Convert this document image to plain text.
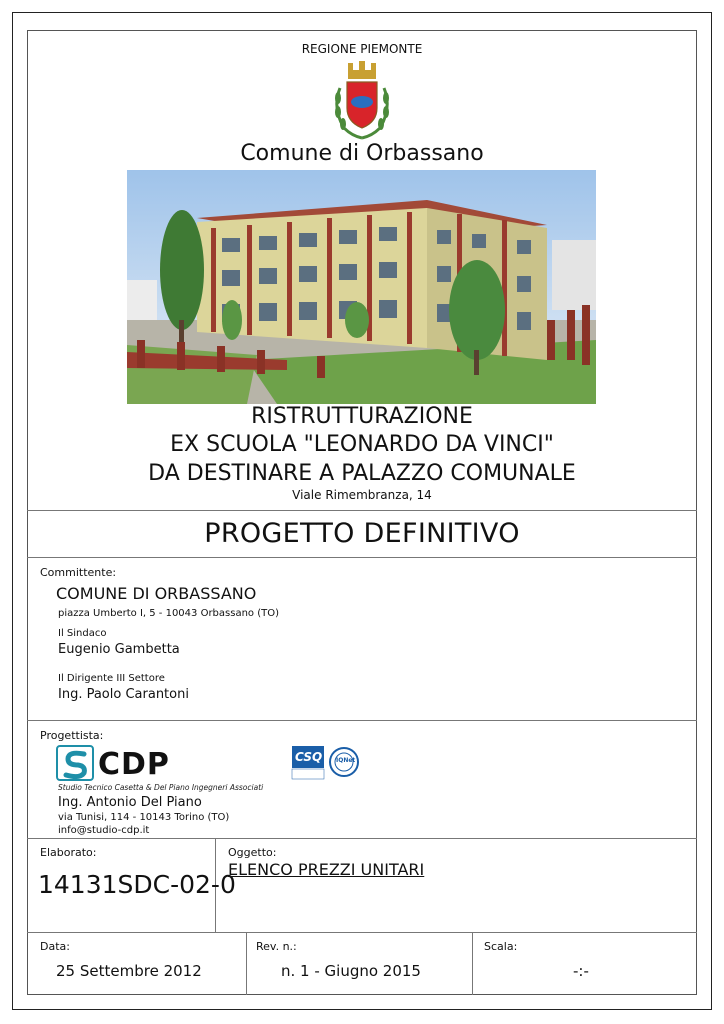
REGIONE PIEMONTE
Comune di Orbassano
RISTRUTTURAZIONE
EX SCUOLA "LEONARDO DA VINCI"
DA DESTINARE A PALAZZO COMUNALE
Viale Rimembranza, 14
PROGETTO DEFINITIVO
Committente:
COMUNE DI ORBASSANO
piazza Umberto I, 5 - 10043 Orbassano (TO)
Il Sindaco
Eugenio Gambetta
Il Dirigente III Settore
Ing. Paolo Carantoni
Progettista:
CDP
Studio Tecnico Casetta & Del Piano Ingegneri Associati
CSQ IQNet
Ing. Antonio Del Piano
via Tunisi, 114 - 10143 Torino (TO)
info@studio-cdp.it
Elaborato:
14131SDC-02-0
Oggetto:
ELENCO PREZZI UNITARI
Data:
25 Settembre 2012
Rev. n.:
n. 1 - Giugno 2015
Scala:
-:-
